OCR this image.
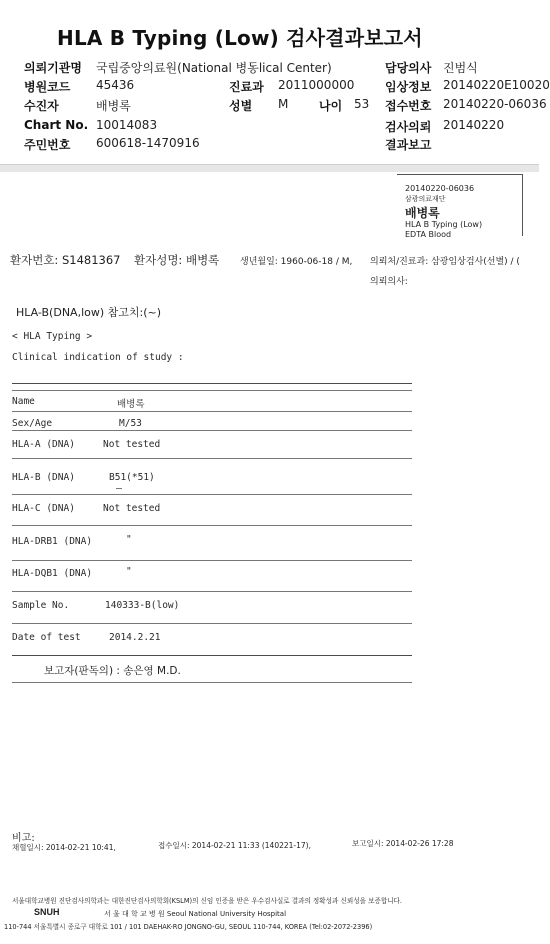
HLA B Typing (Low) 검사결과보고서
의뢰기관명 국립중앙의료원(National 병동lical Center)	담당의사 진범식
병원코드 45436	진료과 2011000000	임상정보 20140220E10020
수진자	배병록	성별 M	나이 53 접수번호 20140220-06036
Chart No. 10014083	검사의뢰 20140220
주민번호 600618-1470916	결과보고
20140220-06036
삼광의료재단
배병록
HLA B Typing (Low)
EDTA Blood
환자번호: S1481367 환자성명: 배병록 생년월일: 1960-06-18 / M, 의뢰처/진료과: 삼광임상검사(선별) / (
의뢰의사:
HLA-B(DNA,low) 참고치:(~)
< HLA Typing >
Clinical indication of study :
Name	배병록
Sex/Age	M/53
HLA-A (DNA)	Not tested
HLA-B (DNA)	B51(*51)
HLA-C (DNA)	Not tested
HLA-DRB1 (DNA)	"
HLA-DQB1 (DNA)	"
Sample No.	140333-B(low)
Date of test	2014.2.21
보고자(판독의) : 송은영 M.D.
비고:
채혈일시: 2014-02-21 10:41,	접수일시: 2014-02-21 11:33 (140221-17),	보고일시: 2014-02-26 17:28
서울대학교병원 진단검사의학과는 대한진단검사의학회(KSLM)의 신임 인증을 받은 우수검사실로 결과의 정확성과 신뢰성을 보증합니다.
SNUH	서 울 대 학 교 병 원 Seoul National University Hospital
110-744 서울특별시 종로구 대학로 101 / 101 DAEHAK-RO JONGNO-GU, SEOUL 110-744, KOREA (Tel:02-2072-2396)
